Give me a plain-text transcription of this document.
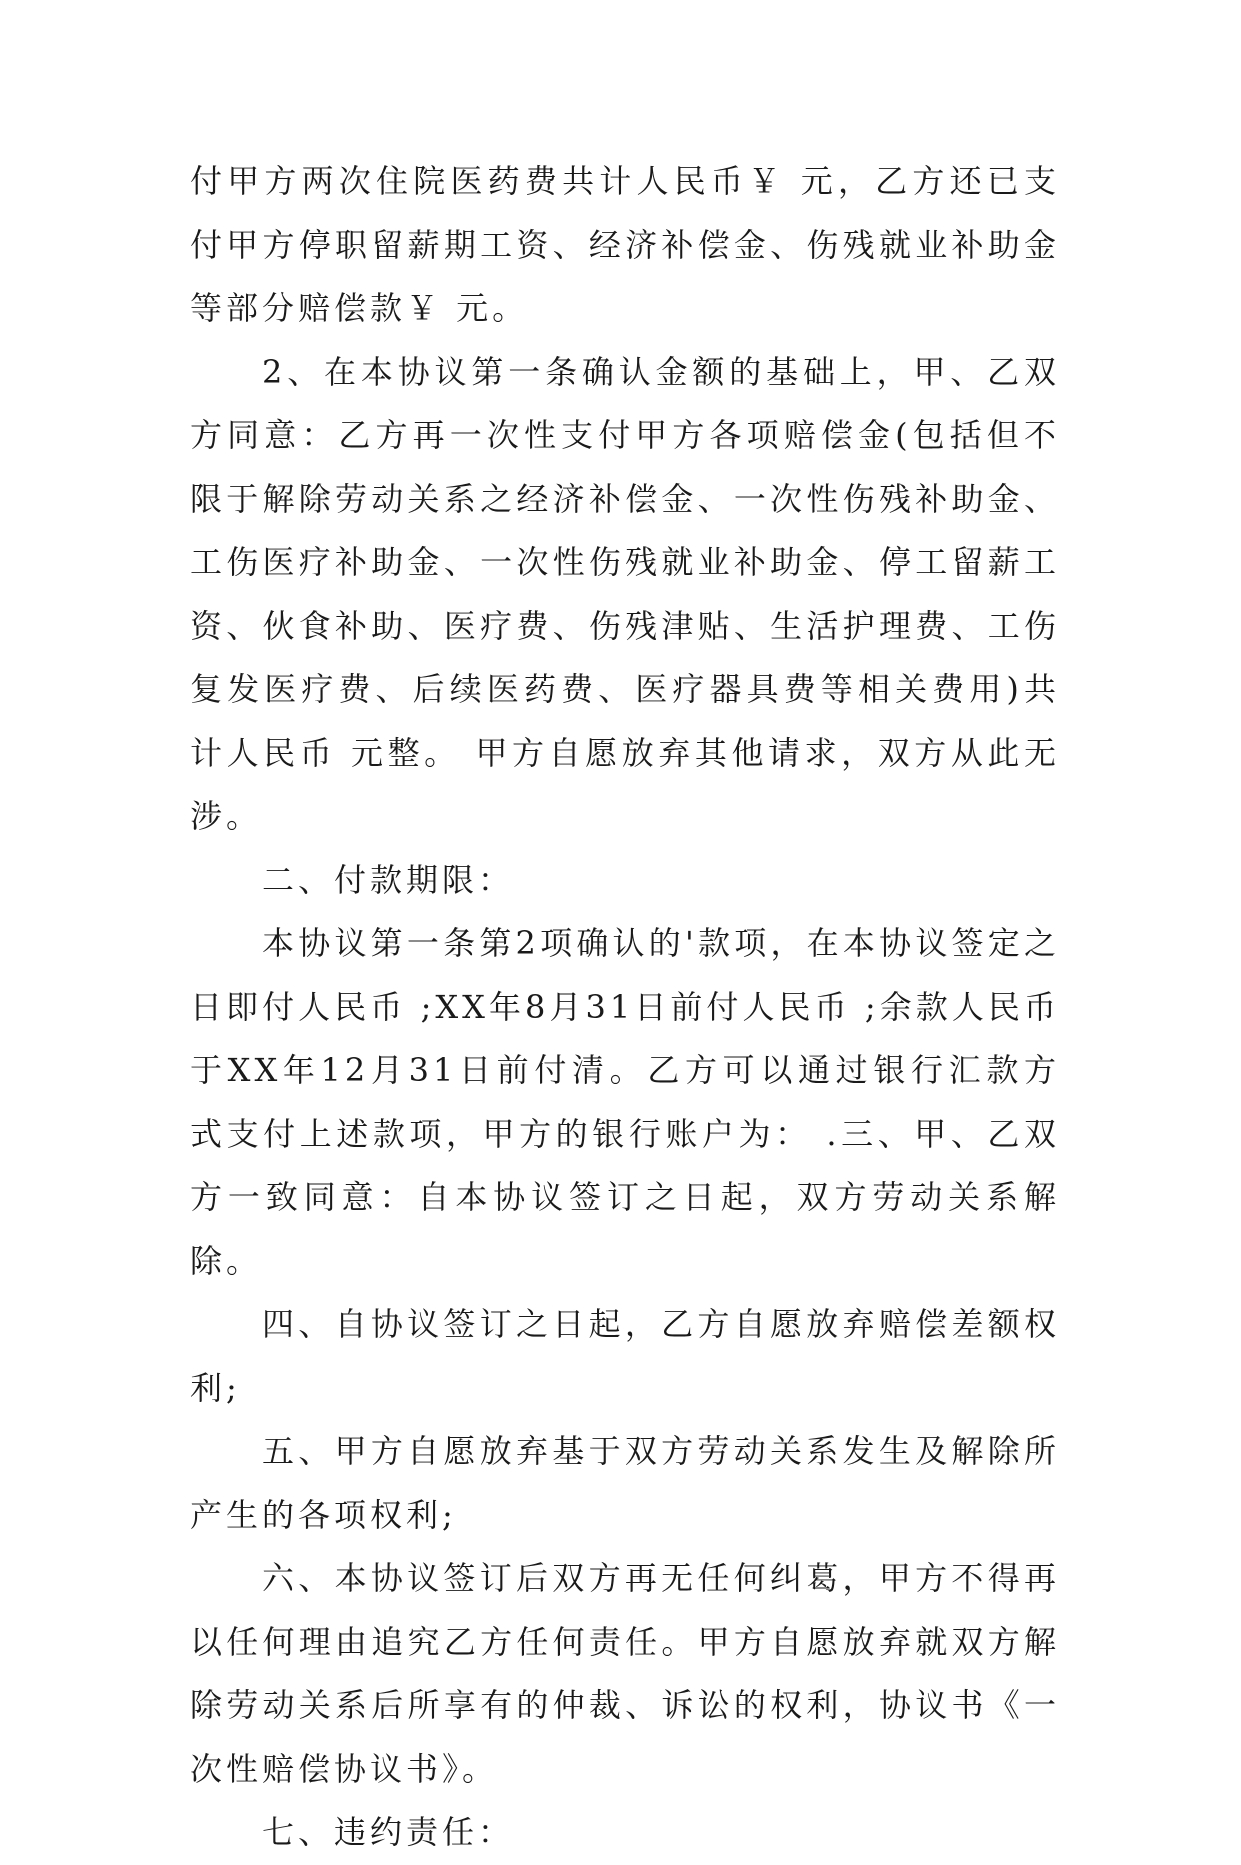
付甲方两次住院医药费共计人民币￥ 元，乙方还已支付甲方停职留薪期工资、经济补偿金、伤残就业补助金等部分赔偿款￥ 元。

2、在本协议第一条确认金额的基础上，甲、乙双方同意：乙方再一次性支付甲方各项赔偿金(包括但不限于解除劳动关系之经济补偿金、一次性伤残补助金、工伤医疗补助金、一次性伤残就业补助金、停工留薪工资、伙食补助、医疗费、伤残津贴、生活护理费、工伤复发医疗费、后续医药费、医疗器具费等相关费用)共计人民币 元整。 甲方自愿放弃其他请求，双方从此无涉。

二、付款期限：

本协议第一条第2项确认的'款项，在本协议签定之日即付人民币 ;XX年8月31日前付人民币 ;余款人民币 于XX年12月31日前付清。乙方可以通过银行汇款方式支付上述款项，甲方的银行账户为： .三、甲、乙双方一致同意：自本协议签订之日起，双方劳动关系解除。

四、自协议签订之日起，乙方自愿放弃赔偿差额权利;

五、甲方自愿放弃基于双方劳动关系发生及解除所产生的各项权利;

六、本协议签订后双方再无任何纠葛，甲方不得再以任何理由追究乙方任何责任。甲方自愿放弃就双方解除劳动关系后所享有的仲裁、诉讼的权利，协议书《一次性赔偿协议书》。

七、违约责任：
